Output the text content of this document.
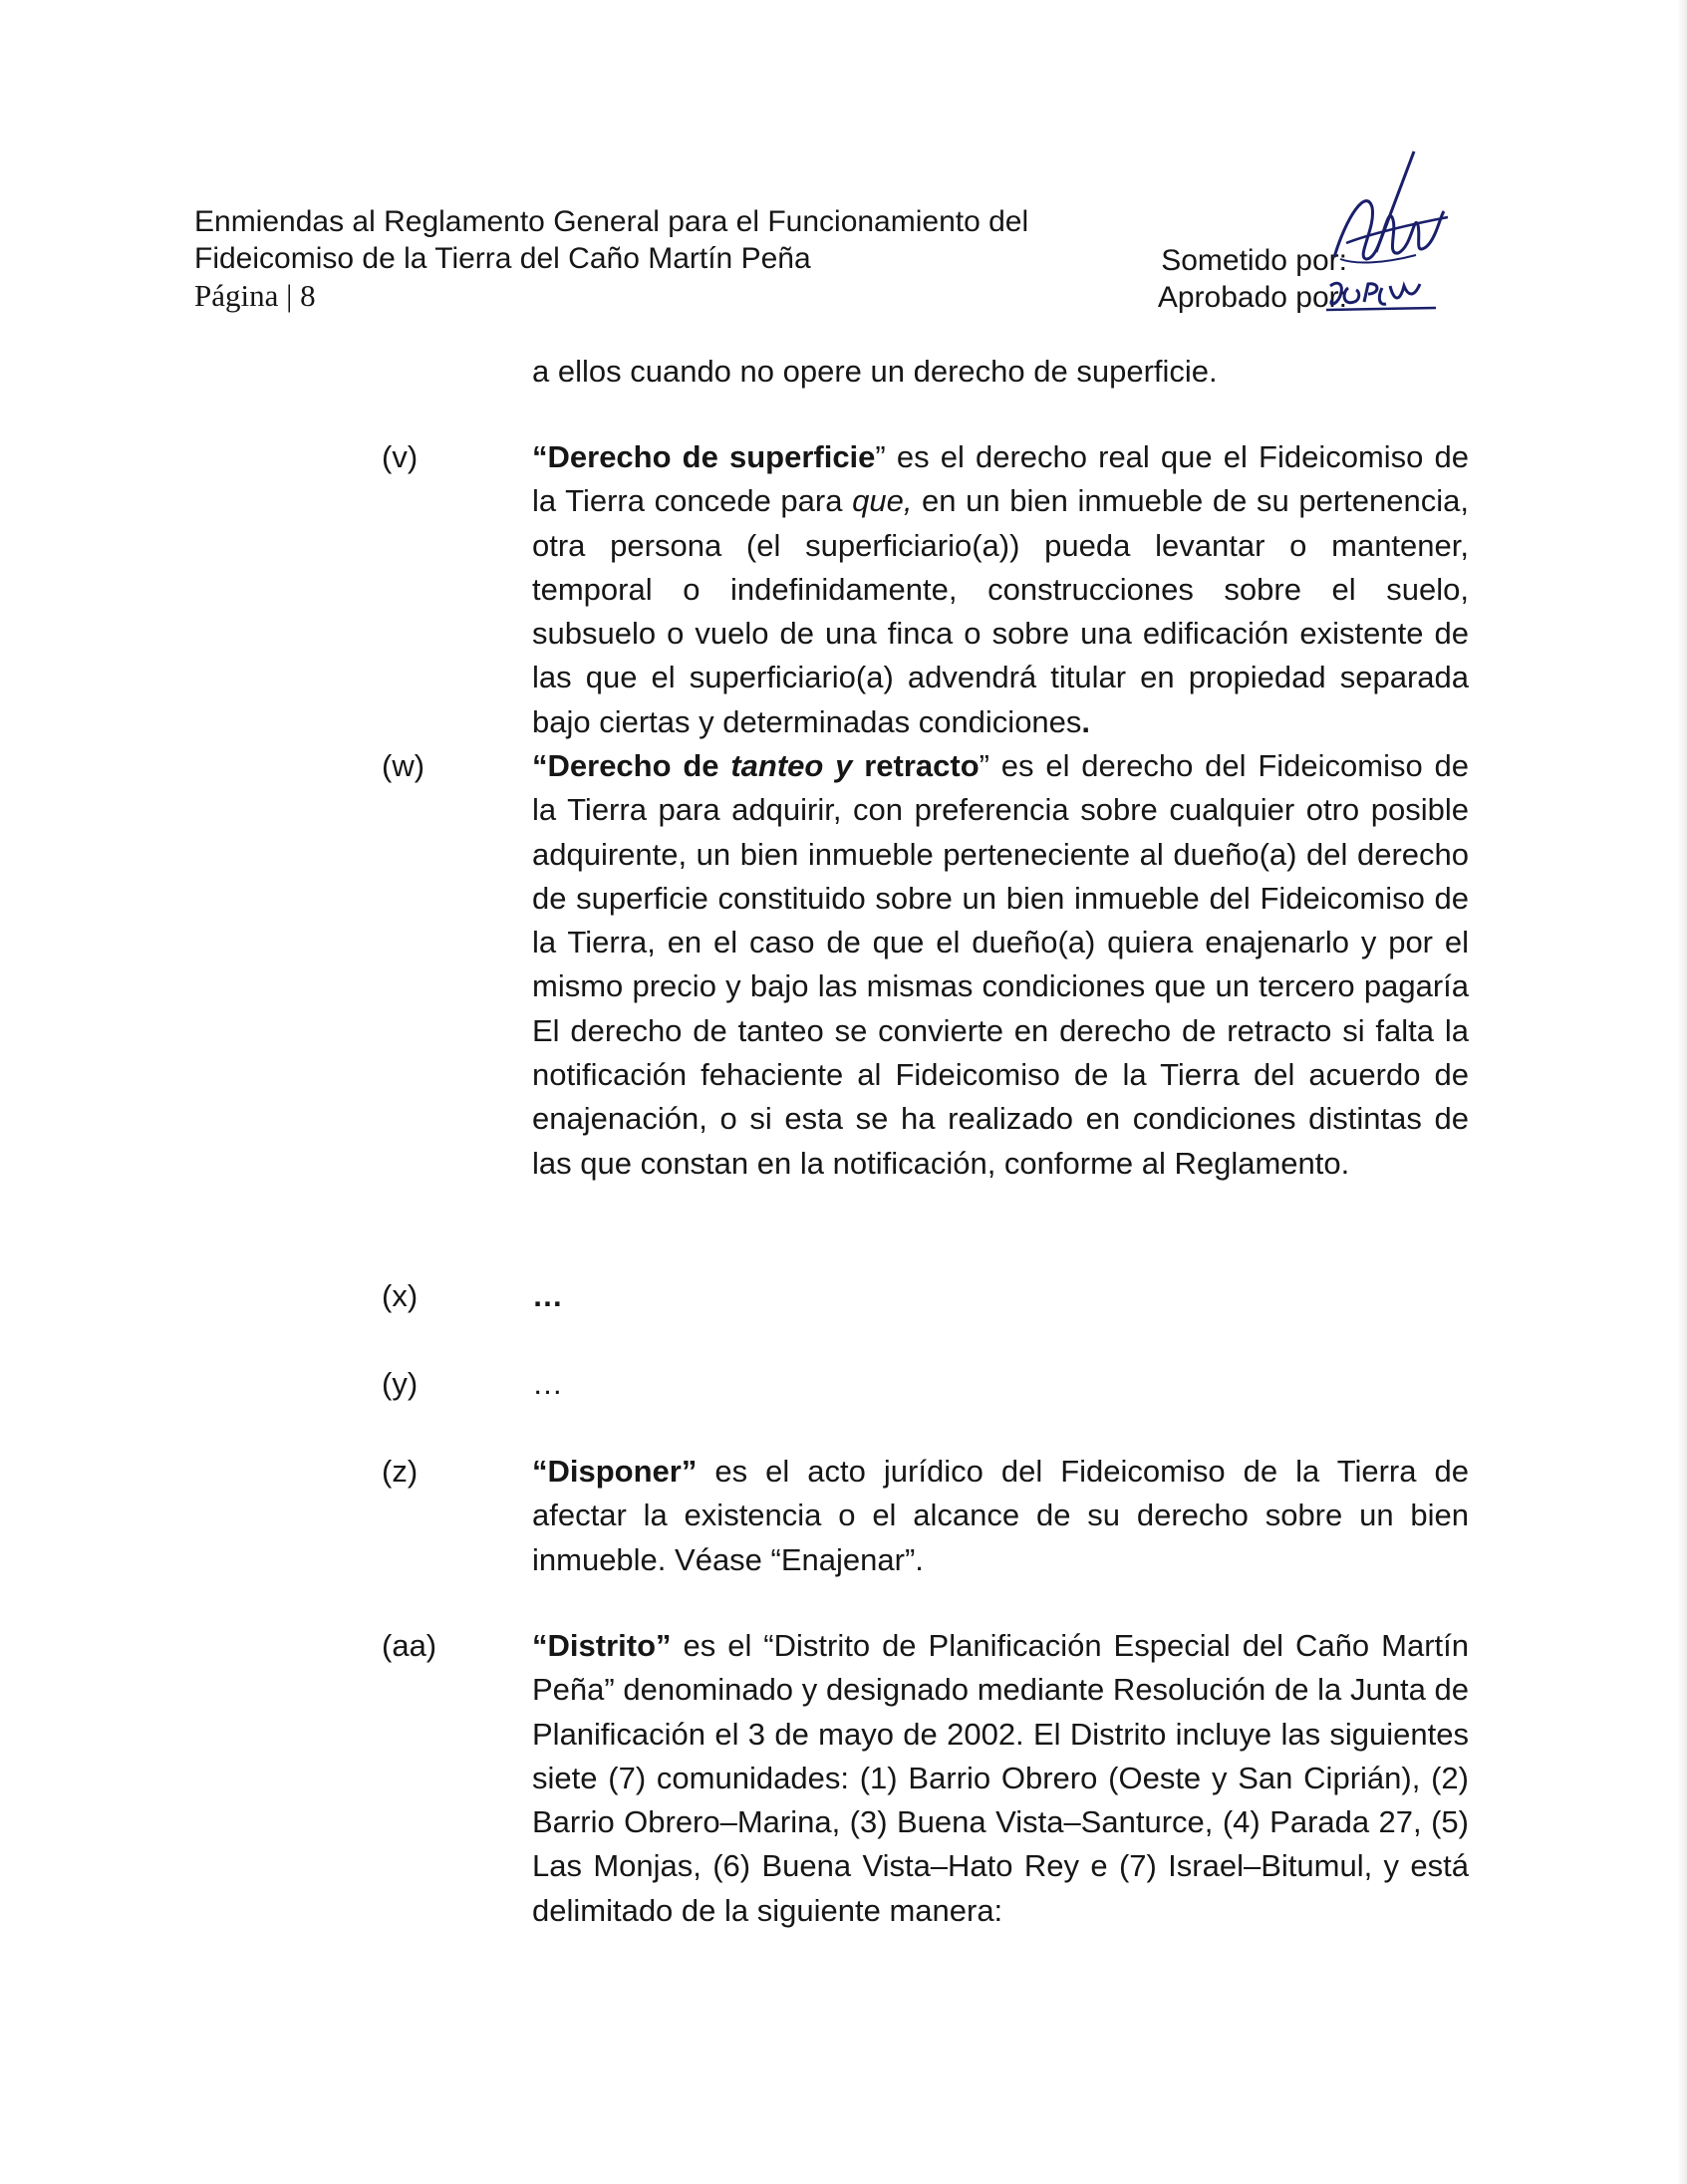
Enmiendas al Reglamento General para el Funcionamiento del
Fideicomiso de la Tierra del Caño Martín Peña
Página | 8
Sometido por:
Aprobado por:
a ellos cuando no opere un derecho de superficie.
(v)	“Derecho de superficie” es el derecho real que el Fideicomiso de la Tierra concede para que, en un bien inmueble de su pertenencia, otra persona (el superficiario(a)) pueda levantar o mantener, temporal o indefinidamente, construcciones sobre el suelo, subsuelo o vuelo de una finca o sobre una edificación existente de las que el superficiario(a) advendrá titular en propiedad separada bajo ciertas y determinadas condiciones.
(w)	“Derecho de tanteo y retracto” es el derecho del Fideicomiso de la Tierra para adquirir, con preferencia sobre cualquier otro posible adquirente, un bien inmueble perteneciente al dueño(a) del derecho de superficie constituido sobre un bien inmueble del Fideicomiso de la Tierra, en el caso de que el dueño(a) quiera enajenarlo y por el mismo precio y bajo las mismas condiciones que un tercero pagaría El derecho de tanteo se convierte en derecho de retracto si falta la notificación fehaciente al Fideicomiso de la Tierra del acuerdo de enajenación, o si esta se ha realizado en condiciones distintas de las que constan en la notificación, conforme al Reglamento.
(x)	…
(y)	…
(z)	“Disponer” es el acto jurídico del Fideicomiso de la Tierra de afectar la existencia o el alcance de su derecho sobre un bien inmueble. Véase “Enajenar”.
(aa)	“Distrito” es el “Distrito de Planificación Especial del Caño Martín Peña” denominado y designado mediante Resolución de la Junta de Planificación el 3 de mayo de 2002. El Distrito incluye las siguientes siete (7) comunidades: (1) Barrio Obrero (Oeste y San Ciprián), (2) Barrio Obrero–Marina, (3) Buena Vista–Santurce, (4) Parada 27, (5) Las Monjas, (6) Buena Vista–Hato Rey e (7) Israel–Bitumul, y está delimitado de la siguiente manera:
